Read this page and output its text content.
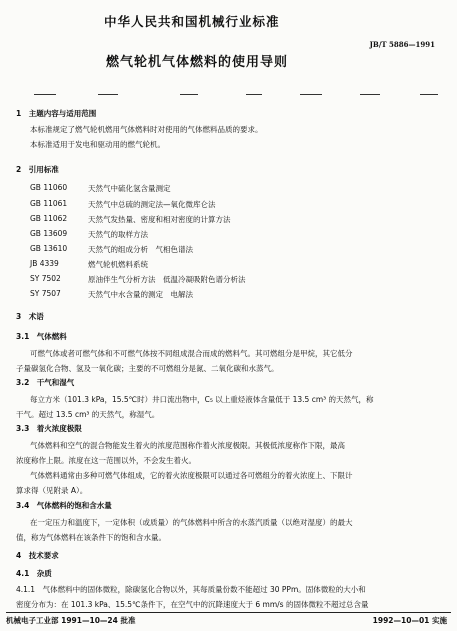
中华人民共和国机械行业标准
JB/T 5886—1991
燃气轮机气体燃料的使用导则
1　主题内容与适用范围
本标准规定了燃气轮机燃用气体燃料时对使用的气体燃料品质的要求。
本标准适用于发电和驱动用的燃气轮机。
2　引用标准
GB 11060	天然气中硫化氢含量测定
GB 11061	天然气中总硫的测定法—氧化微库仑法
GB 11062	天然气发热量、密度和相对密度的计算方法
GB 13609	天然气的取样方法
GB 13610	天然气的组成分析　气相色谱法
JB 4339	燃气轮机燃料系统
SY 7502	原油伴生气分析方法　低温冷凝吸附色谱分析法
SY 7507	天然气中水含量的测定　电解法
3　术语
3.1　气体燃料
可燃气体或者可燃气体和不可燃气体按不同组成混合而成的燃料气。其可燃组分是甲烷，其它低分
子量碳氢化合物、氢及一氧化碳；主要的不可燃组分是氮、二氧化碳和水蒸气。
3.2　干气和湿气
每立方米（101.3 kPa，15.5℃时）井口流出物中，C₅ 以上重烃液体含量低于 13.5 cm³ 的天然气，称
干气。超过 13.5 cm³ 的天然气，称湿气。
3.3　着火浓度极限
气体燃料和空气的混合物能发生着火的浓度范围称作着火浓度极限。其极低浓度称作下限，最高
浓度称作上限。浓度在这一范围以外，不会发生着火。
气体燃料通常由多种可燃气体组成，它的着火浓度极限可以通过各可燃组分的着火浓度上、下限计
算求得（见附录 A）。
3.4　气体燃料的饱和含水量
在一定压力和温度下，一定体积（或质量）的气体燃料中所含的水蒸汽质量（以绝对湿度）的最大
值，称为气体燃料在该条件下的饱和含水量。
4　技术要求
4.1　杂质
4.1.1　气体燃料中的固体微粒，除碳氢化合物以外，其每质量份数不能超过 30 PPm。固体微粒的大小和
密度分布为：在 101.3 kPa、15.5℃条件下，在空气中的沉降速度大于 6 mm/s 的固体微粒不超过总含量
机械电子工业部 1991—10—24 批准	1992—10—01 实施
